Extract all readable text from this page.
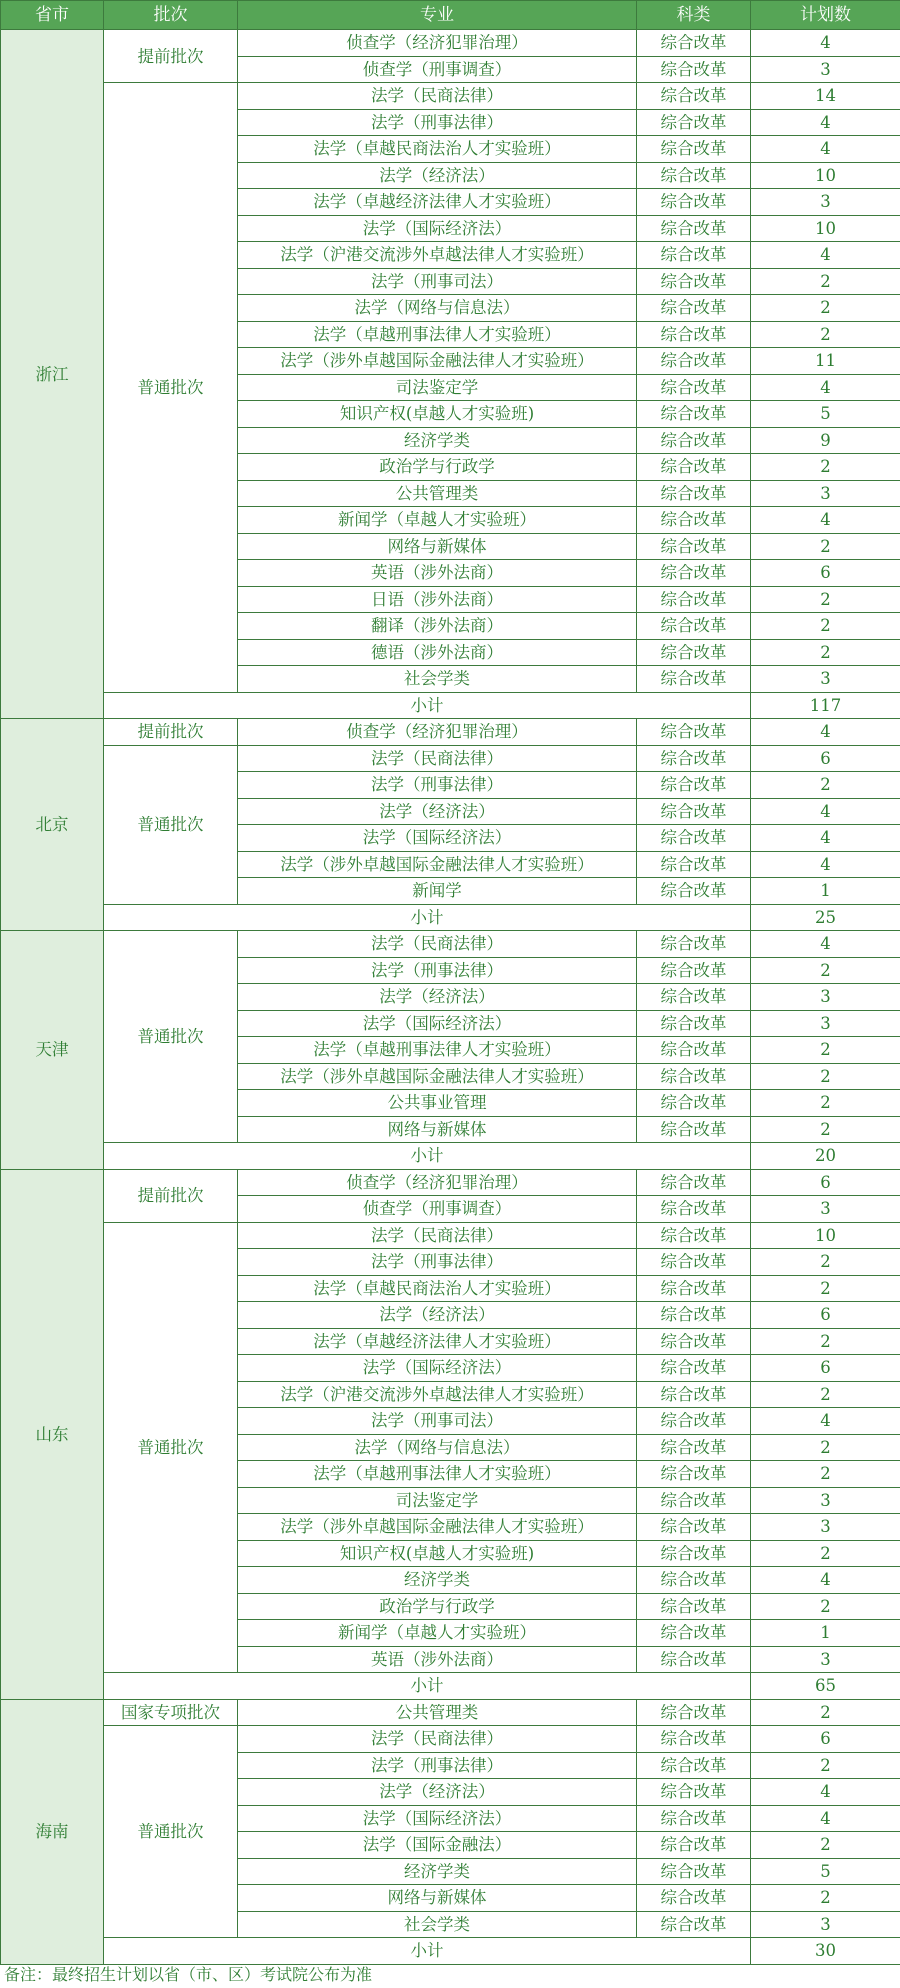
省市	批次	专业	科类	计划数
浙江	提前批次	侦查学（经济犯罪治理）	综合改革	4
		侦查学（刑事调查）	综合改革	3
	普通批次	法学（民商法律）	综合改革	14
		法学（刑事法律）	综合改革	4
		法学（卓越民商法治人才实验班）	综合改革	4
		法学（经济法）	综合改革	10
		法学（卓越经济法律人才实验班）	综合改革	3
		法学（国际经济法）	综合改革	10
		法学（沪港交流涉外卓越法律人才实验班）	综合改革	4
		法学（刑事司法）	综合改革	2
		法学（网络与信息法）	综合改革	2
		法学（卓越刑事法律人才实验班）	综合改革	2
		法学（涉外卓越国际金融法律人才实验班）	综合改革	11
		司法鉴定学	综合改革	4
		知识产权(卓越人才实验班)	综合改革	5
		经济学类	综合改革	9
		政治学与行政学	综合改革	2
		公共管理类	综合改革	3
		新闻学（卓越人才实验班）	综合改革	4
		网络与新媒体	综合改革	2
		英语（涉外法商）	综合改革	6
		日语（涉外法商）	综合改革	2
		翻译（涉外法商）	综合改革	2
		德语（涉外法商）	综合改革	2
		社会学类	综合改革	3
	小计			117
北京	提前批次	侦查学（经济犯罪治理）	综合改革	4
	普通批次	法学（民商法律）	综合改革	6
		法学（刑事法律）	综合改革	2
		法学（经济法）	综合改革	4
		法学（国际经济法）	综合改革	4
		法学（涉外卓越国际金融法律人才实验班）	综合改革	4
		新闻学	综合改革	1
	小计			25
天津	普通批次	法学（民商法律）	综合改革	4
		法学（刑事法律）	综合改革	2
		法学（经济法）	综合改革	3
		法学（国际经济法）	综合改革	3
		法学（卓越刑事法律人才实验班）	综合改革	2
		法学（涉外卓越国际金融法律人才实验班）	综合改革	2
		公共事业管理	综合改革	2
		网络与新媒体	综合改革	2
	小计			20
山东	提前批次	侦查学（经济犯罪治理）	综合改革	6
		侦查学（刑事调查）	综合改革	3
	普通批次	法学（民商法律）	综合改革	10
		法学（刑事法律）	综合改革	2
		法学（卓越民商法治人才实验班）	综合改革	2
		法学（经济法）	综合改革	6
		法学（卓越经济法律人才实验班）	综合改革	2
		法学（国际经济法）	综合改革	6
		法学（沪港交流涉外卓越法律人才实验班）	综合改革	2
		法学（刑事司法）	综合改革	4
		法学（网络与信息法）	综合改革	2
		法学（卓越刑事法律人才实验班）	综合改革	2
		司法鉴定学	综合改革	3
		法学（涉外卓越国际金融法律人才实验班）	综合改革	3
		知识产权(卓越人才实验班)	综合改革	2
		经济学类	综合改革	4
		政治学与行政学	综合改革	2
		新闻学（卓越人才实验班）	综合改革	1
		英语（涉外法商）	综合改革	3
	小计			65
海南	国家专项批次	公共管理类	综合改革	2
	普通批次	法学（民商法律）	综合改革	6
		法学（刑事法律）	综合改革	2
		法学（经济法）	综合改革	4
		法学（国际经济法）	综合改革	4
		法学（国际金融法）	综合改革	2
		经济学类	综合改革	5
		网络与新媒体	综合改革	2
		社会学类	综合改革	3
	小计			30
备注：最终招生计划以省（市、区）考试院公布为准
